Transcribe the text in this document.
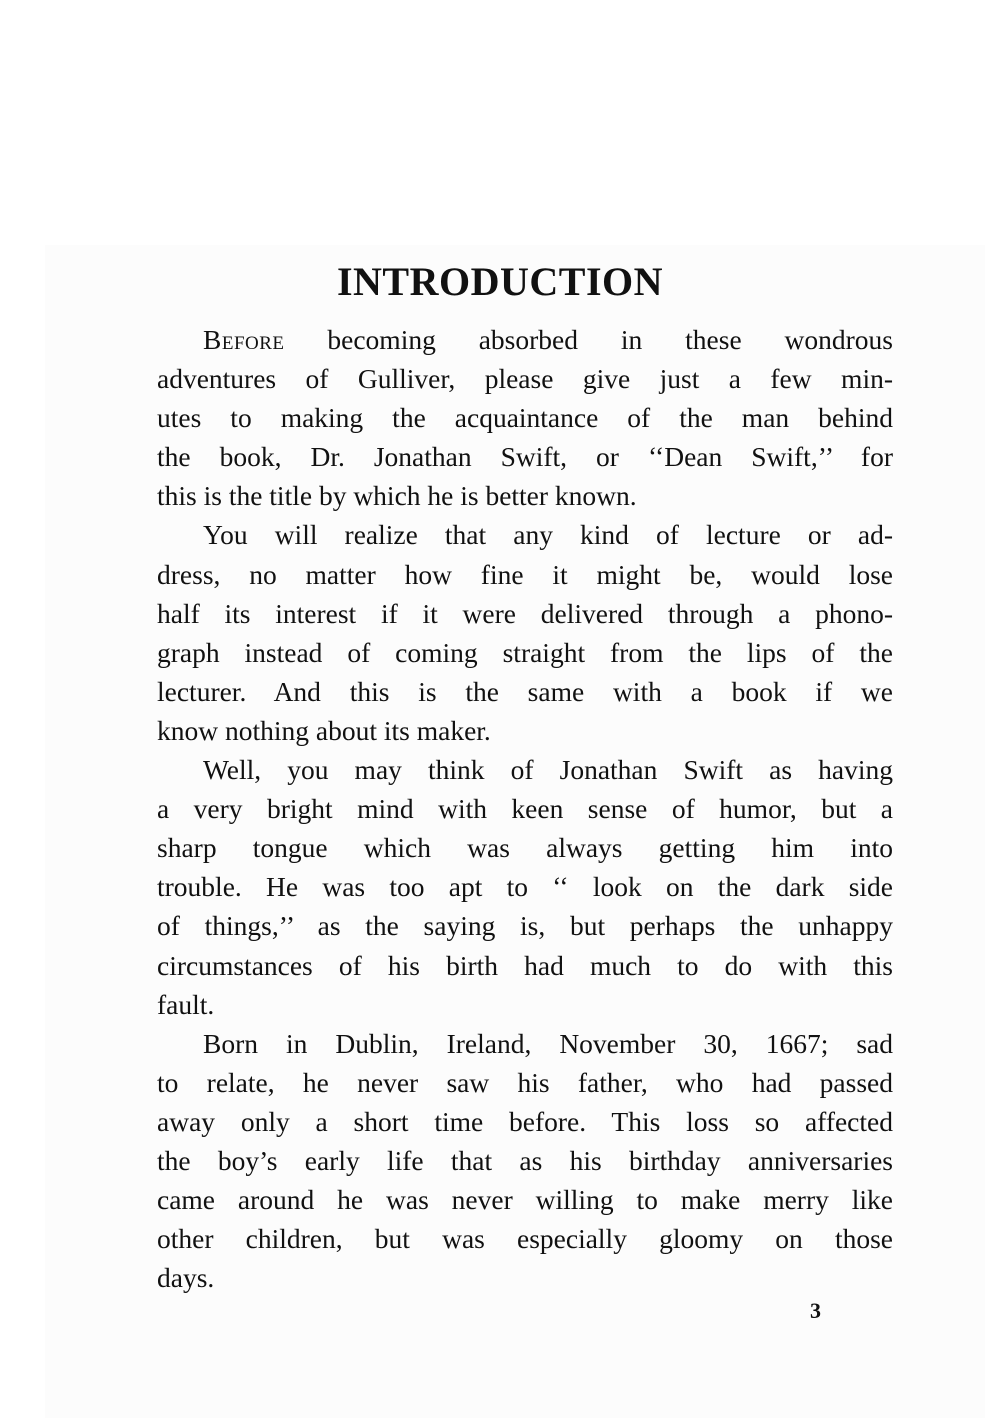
INTRODUCTION
Before becoming absorbed in these wondrous
adventures of Gulliver, please give just a few min-
utes to making the acquaintance of the man behind
the book, Dr. Jonathan Swift, or ‘‘Dean Swift,’’ for
this is the title by which he is better known.
You will realize that any kind of lecture or ad-
dress, no matter how fine it might be, would lose
half its interest if it were delivered through a phono-
graph instead of coming straight from the lips of the
lecturer. And this is the same with a book if we
know nothing about its maker.
Well, you may think of Jonathan Swift as having
a very bright mind with keen sense of humor, but a
sharp tongue which was always getting him into
trouble. He was too apt to ‘‘ look on the dark side
of things,’’ as the saying is, but perhaps the unhappy
circumstances of his birth had much to do with this
fault.
Born in Dublin, Ireland, November 30, 1667; sad
to relate, he never saw his father, who had passed
away only a short time before. This loss so affected
the boy’s early life that as his birthday anniversaries
came around he was never willing to make merry like
other children, but was especially gloomy on those
days.
3
